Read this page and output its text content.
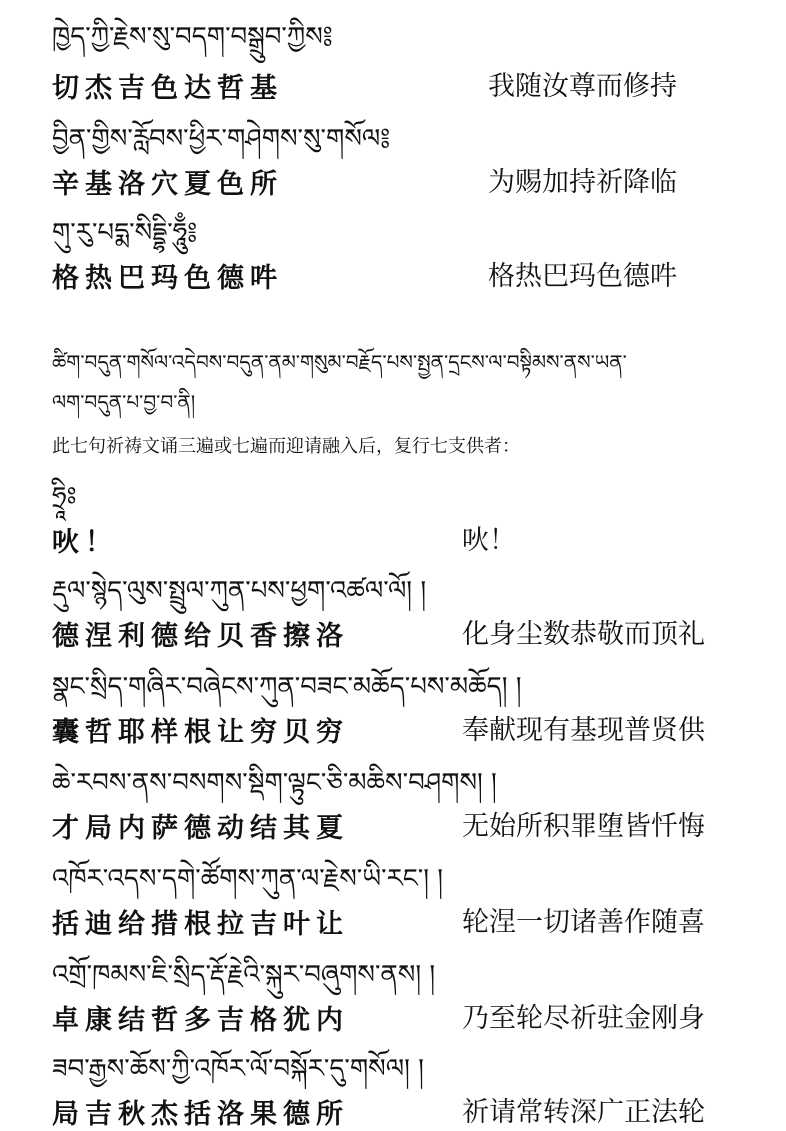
ཁྱེད་ཀྱི་རྗེས་སུ་བདག་བསྒྲུབ་ཀྱིས༔
切杰吉色达哲基	我随汝尊而修持
བྱིན་གྱིས་རློབས་ཕྱིར་གཤེགས་སུ་གསོལ༔
辛基洛穴夏色所	为赐加持祈降临
གུ་རུ་པདྨ་སིདྡྷི་ཧཱུྃ༔
格热巴玛色德吽	格热巴玛色德吽
ཚིག་བདུན་གསོལ་འདེབས་བདུན་ནམ་གསུམ་བརྗོད་པས་སྤྱན་དྲངས་ལ་བསྟིམས་ནས་ཡན་
ལག་བདུན་པ་བྱ་བ་ནི།
此七句祈祷文诵三遍或七遍而迎请融入后，复行七支供者：
ཧྲཱིཿ
吙！	吙！
རྡུལ་སྙེད་ལུས་སྤྲུལ་ཀུན་པས་ཕྱག་འཚལ་ལོ། །
德涅利德给贝香擦洛	化身尘数恭敬而顶礼
སྣང་སྲིད་གཞིར་བཞེངས་ཀུན་བཟང་མཆོད་པས་མཆོད། །
囊哲耶样根让穷贝穷	奉献现有基现普贤供
ཆེ་རབས་ནས་བསགས་སྡིག་ལྟུང་ཅི་མཆིས་བཤགས། །
才局内萨德动结其夏	无始所积罪堕皆忏悔
འཁོར་འདས་དགེ་ཚོགས་ཀུན་ལ་རྗེས་ཡི་རང་། །
括迪给措根拉吉叶让	轮涅一切诸善作随喜
འགྲོ་ཁམས་ཇི་སྲིད་རྡོ་རྗེའི་སྐུར་བཞུགས་ནས། །
卓康结哲多吉格犹内	乃至轮尽祈驻金刚身
ཟབ་རྒྱས་ཆོས་ཀྱི་འཁོར་ལོ་བསྐོར་དུ་གསོལ། །
局吉秋杰括洛果德所	祈请常转深广正法轮
